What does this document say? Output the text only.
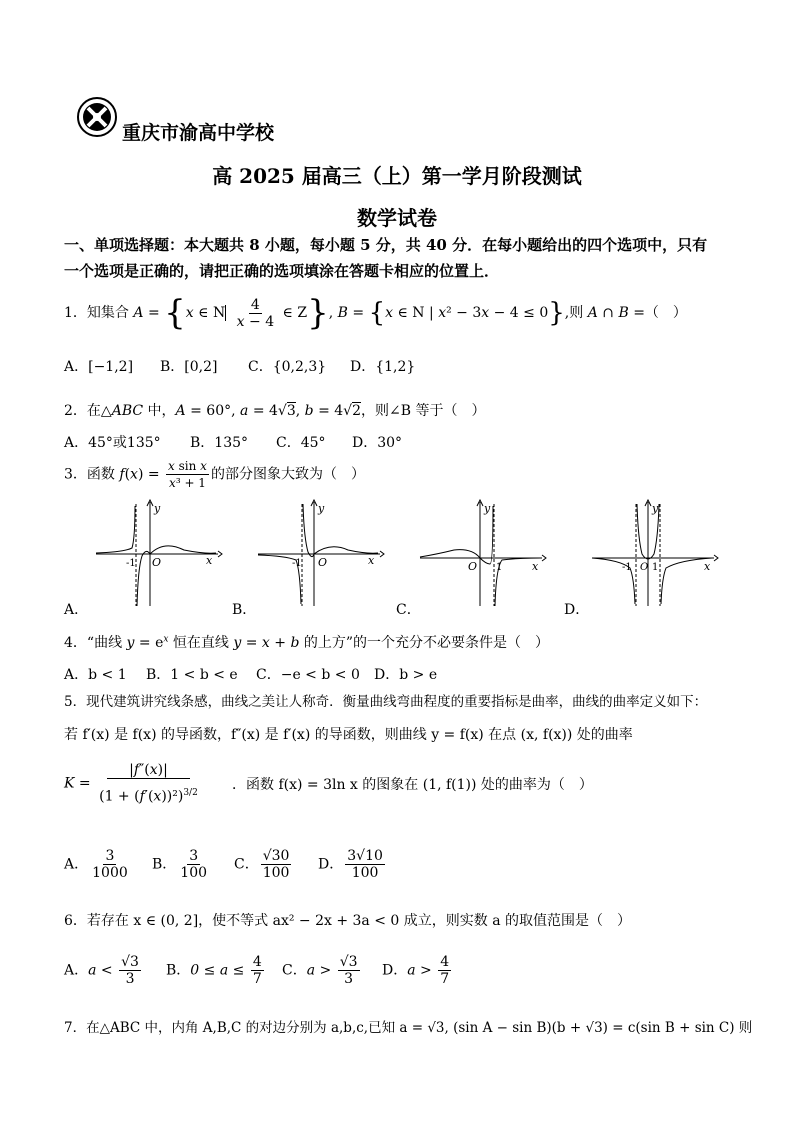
重庆市渝高中学校
高 2025 届高三（上）第一学月阶段测试
数学试卷
一、单项选择题：本大题共 8 小题，每小题 5 分，共 40 分．在每小题给出的四个选项中，只有
一个选项是正确的，请把正确的选项填涂在答题卡相应的位置上．
1．知集合 A = {x ∈ N $\frac{4}{x - 4}$ ∈ Z}, B = {x ∈ N | x² − 3x − 4 ≤ 0},则 A ∩ B =（　）
A．[−1,2] B．[0,2] C．{0,2,3} D．{1,2}
2．在△ABC 中，A = 60°, a = 4√3, b = 4√2，则∠B 等于（　）
A．45°或135° B．135° C．45° D．30°
3．函数 $f(x) = \frac{\text{x sin x}}{\text{x³ + 1}}$ 的部分图象大致为（　）
-1 O	x
y
-1 O	x
y
O 1	x
y
-1 O 1	x
y
A．	B．	C．	D．
4．“曲线 $y = e^x$ 恒在直线 y = x + b 的上方”的一个充分不必要条件是（　）
A．b < 1 B．1 < b < e C．−e < b < 0 D．b > e
5．现代建筑讲究线条感，曲线之美让人称奇．衡量曲线弯曲程度的重要指标是曲率，曲线的曲率定义如下：
若 f′(x) 是 f(x) 的导函数，f″(x) 是 f′(x) 的导函数，则曲线 y = f(x) 在点 (x, f(x)) 处的曲率
$K = \frac{|f''(x)|}{(1 + (f'(x))^2)^{3/2}}$ ．函数 f(x) = 3ln x 的图象在 (1, f(1)) 处的曲率为（　）
A． $\frac{3}{1000}$ B． $\frac{3}{100}$ C． $\frac{√30}{100}$ D． $\frac{3√10}{100}$
6．若存在 x ∈ (0, 2]，使不等式 ax² − 2x + 3a < 0 成立，则实数 a 的取值范围是（　）
A．$a < \frac{√3}{3}$ B．$0 \le a \le \frac{4}{7}$ C．$a > \frac{√3}{3}$ D．$a > \frac{4}{7}$
7．在△ABC 中，内角 A,B,C 的对边分别为 a,b,c,已知 a = √3, (sin A − sin B)(b + √3) = c(sin B + sin C) 则
